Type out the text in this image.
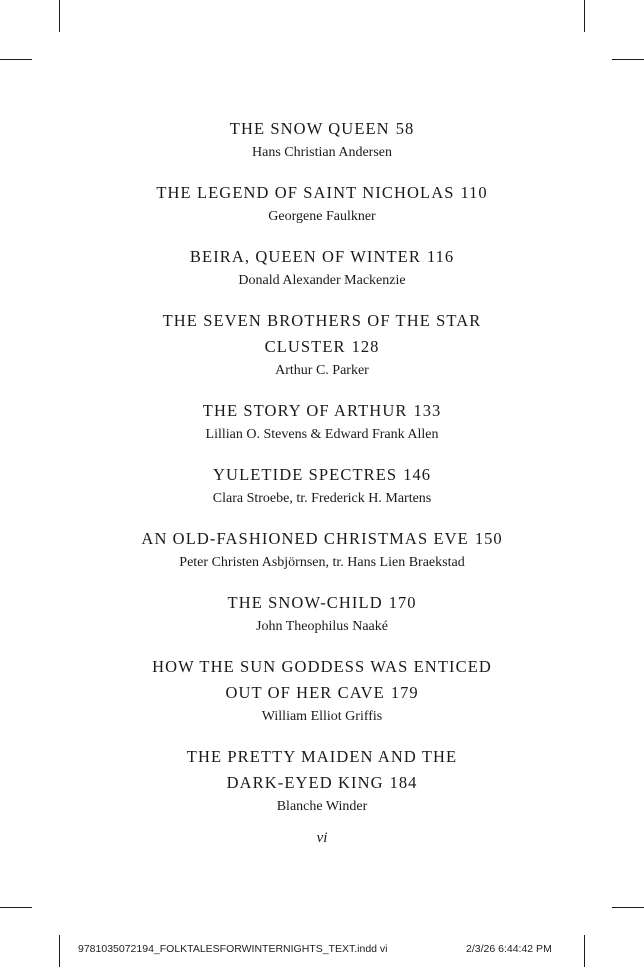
THE SNOW QUEEN 58
Hans Christian Andersen
THE LEGEND OF SAINT NICHOLAS 110
Georgene Faulkner
BEIRA, QUEEN OF WINTER 116
Donald Alexander Mackenzie
THE SEVEN BROTHERS OF THE STAR
CLUSTER 128
Arthur C. Parker
THE STORY OF ARTHUR 133
Lillian O. Stevens & Edward Frank Allen
YULETIDE SPECTRES 146
Clara Stroebe, tr. Frederick H. Martens
AN OLD-FASHIONED CHRISTMAS EVE 150
Peter Christen Asbjörnsen, tr. Hans Lien Braekstad
THE SNOW-CHILD 170
John Theophilus Naaké
HOW THE SUN GODDESS WAS ENTICED
OUT OF HER CAVE 179
William Elliot Griffis
THE PRETTY MAIDEN AND THE
DARK-EYED KING 184
Blanche Winder
vi
9781035072194_FOLKTALESFORWINTERNIGHTS_TEXT.indd vi	2/3/26 6:44:42 PM
